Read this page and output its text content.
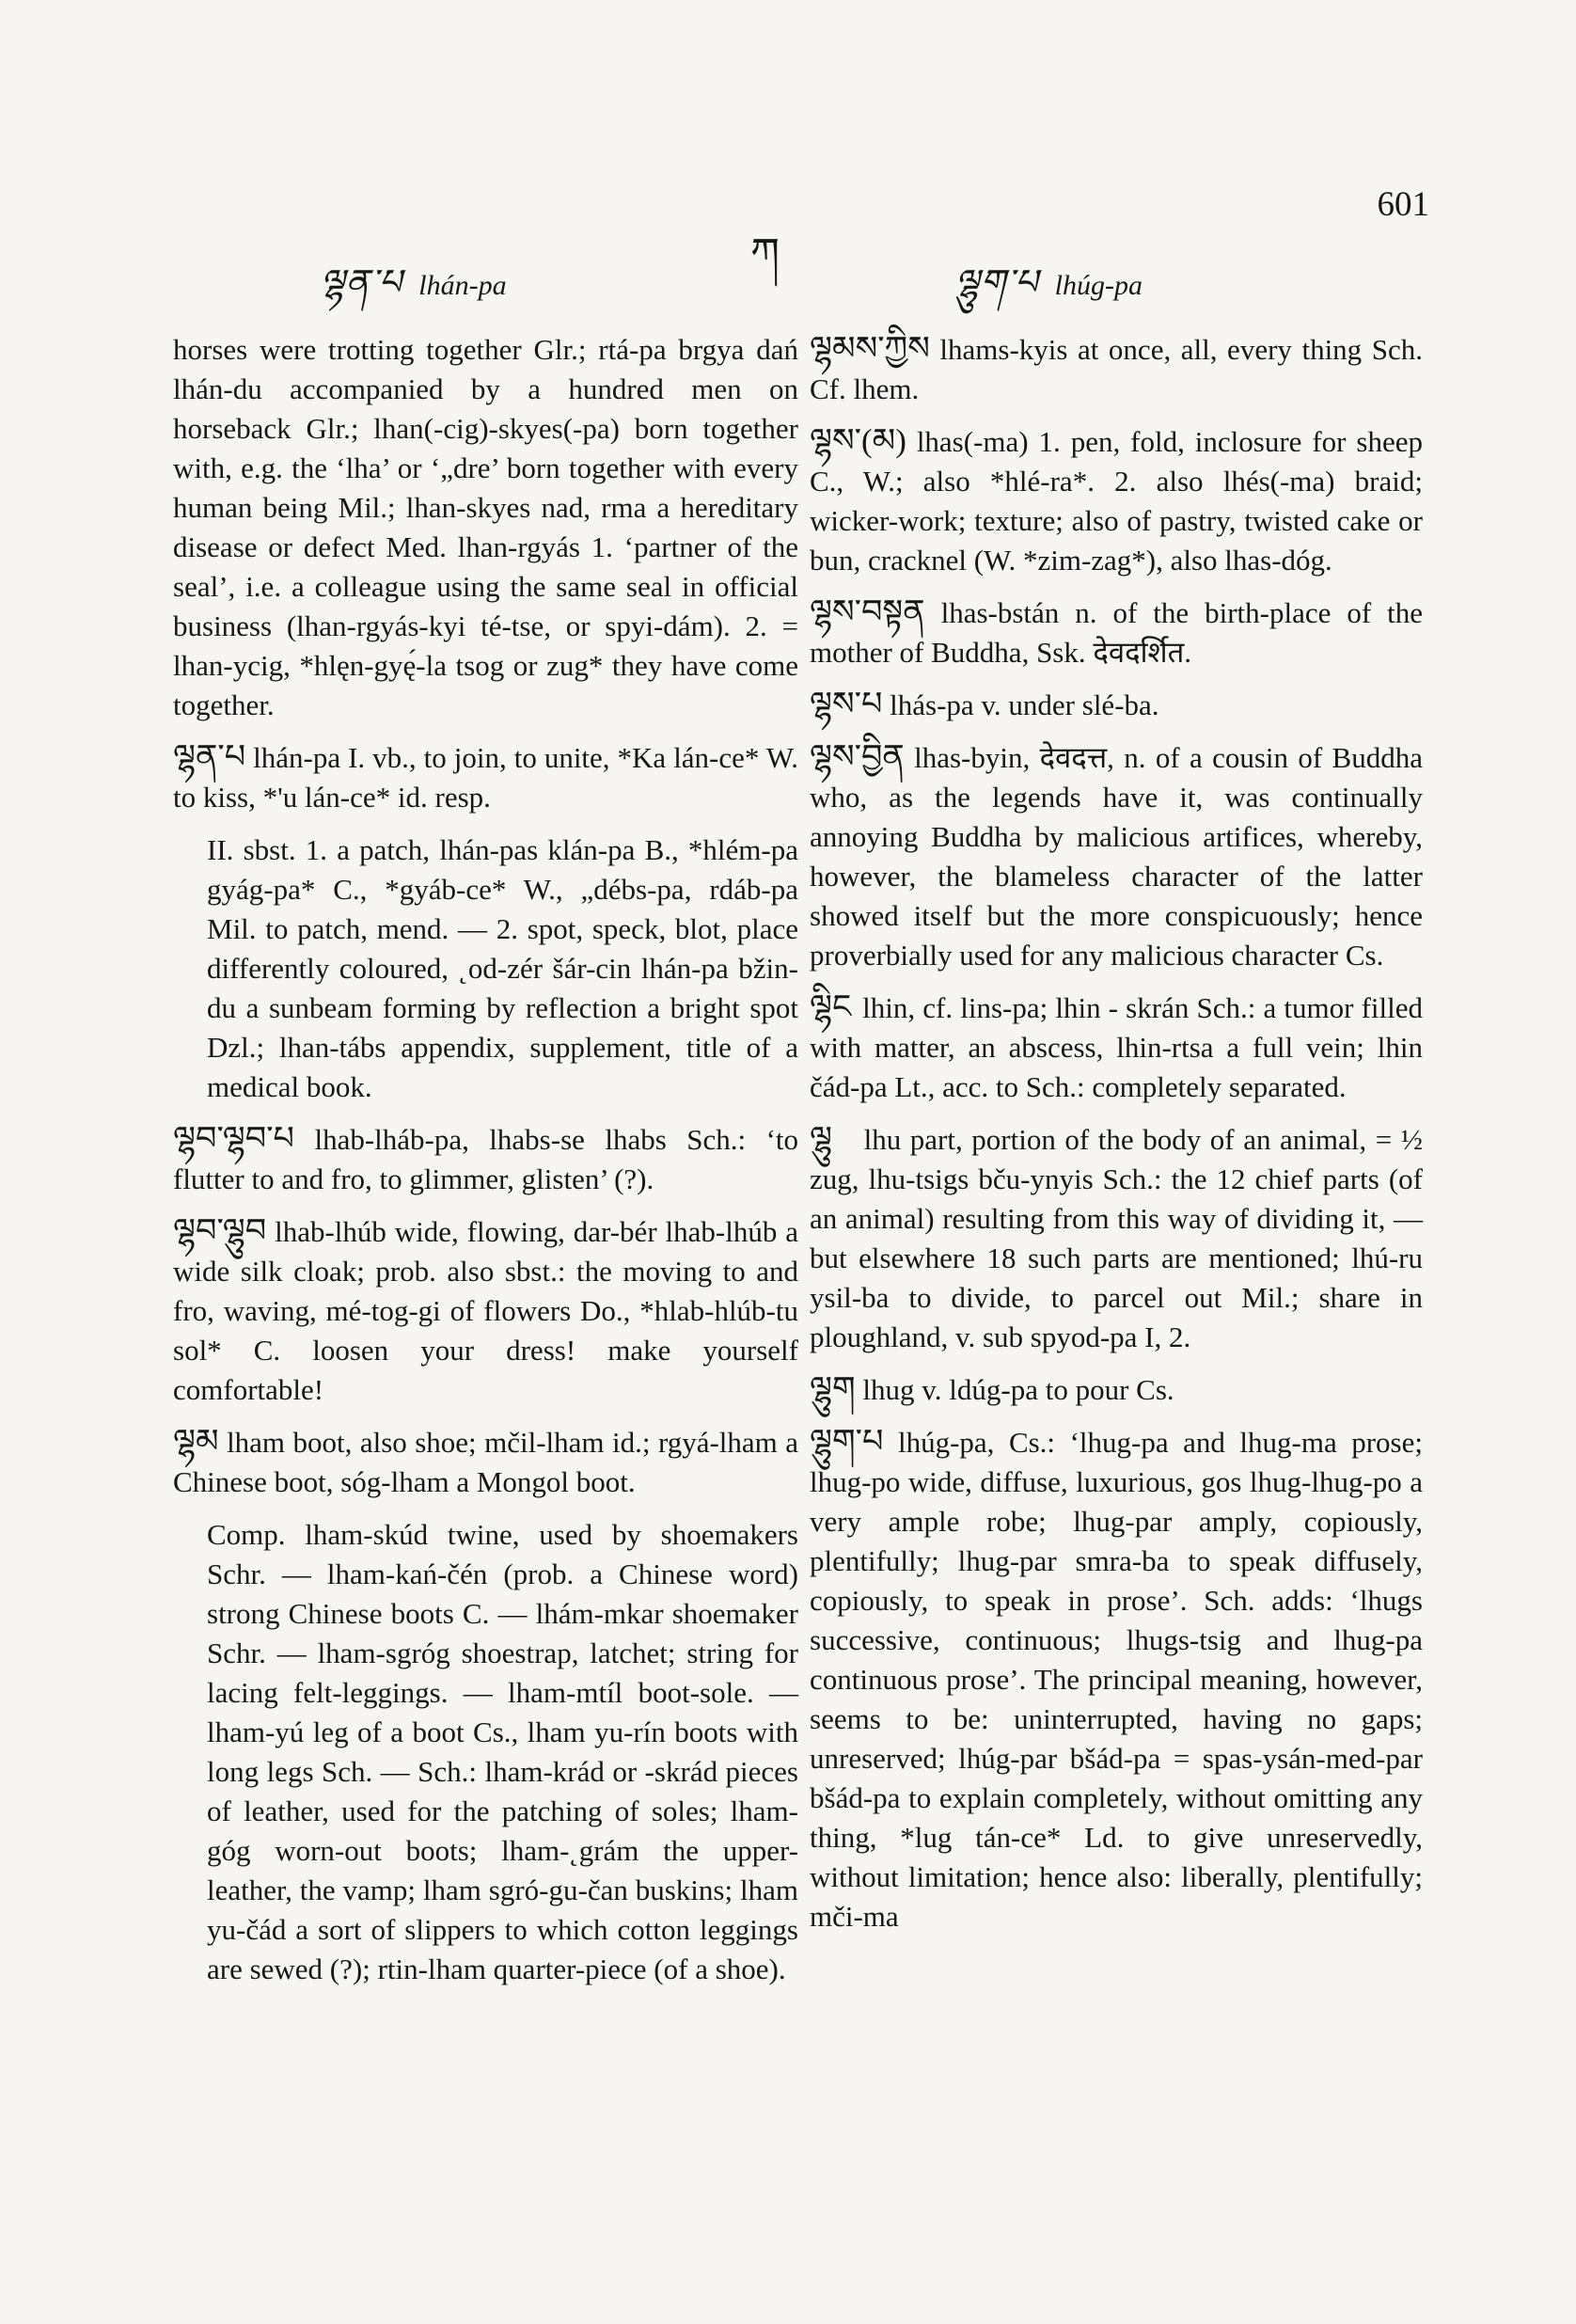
601
ལྷན་པ lhán-pa
ཀ
ལྷུག་པ lhúg-pa

horses were trotting together Glr.; rtá-pa brgya dań lhán-du accompanied by a hundred men on horseback Glr.; lhan(-cig)-skyes(-pa) born together with, e.g. the ‘lha’ or ‘„dre’ born together with every human being Mil.; lhan-skyes nad, rma a hereditary disease or defect Med. lhan-rgyás 1. ‘partner of the seal’, i.e. a colleague using the same seal in official business (lhan-rgyás-kyi té-tse, or spyi-dám). 2. = lhan-ycig, *hlęn-gyę́-la tsog or zug* they have come together.

ལྷན་པ lhán-pa I. vb., to join, to unite, *Ka lán-ce* W. to kiss, *'u lán-ce* id. resp.

II. sbst. 1. a patch, lhán-pas klán-pa B., *hlém-pa gyág-pa* C., *gyáb-ce* W., „débs-pa, rdáb-pa Mil. to patch, mend. — 2. spot, speck, blot, place differently coloured, ˛od-zér šár-cin lhán-pa bžin-du a sunbeam forming by reflection a bright spot Dzl.; lhan-tábs appendix, supplement, title of a medical book.

ལྷབ་ལྷབ་པ lhab-lháb-pa, lhabs-se lhabs Sch.: ‘to flutter to and fro, to glimmer, glisten’ (?).

ལྷབ་ལྷུབ lhab-lhúb wide, flowing, dar-bér lhab-lhúb a wide silk cloak; prob. also sbst.: the moving to and fro, waving, mé-tog-gi of flowers Do., *hlab-hlúb-tu sol* C. loosen your dress! make yourself comfortable!

ལྷམ lham boot, also shoe; mčil-lham id.; rgyá-lham a Chinese boot, sóg-lham a Mongol boot.

Comp. lham-skúd twine, used by shoemakers Schr. — lham-kań-čén (prob. a Chinese word) strong Chinese boots C. — lhám-mkar shoemaker Schr. — lham-sgróg shoestrap, latchet; string for lacing felt-leggings. — lham-mtíl boot-sole. — lham-yú leg of a boot Cs., lham yu-rín boots with long legs Sch. — Sch.: lham-krád or -skrád pieces of leather, used for the patching of soles; lham-góg worn-out boots; lham-˛grám the upper-leather, the vamp; lham sgró-gu-čan buskins; lham yu-čád a sort of slippers to which cotton leggings are sewed (?); rtin-lham quarter-piece (of a shoe).

ལྷམས་ཀྱིས lhams-kyis at once, all, every thing Sch. Cf. lhem.

ལྷས་(མ) lhas(-ma) 1. pen, fold, inclosure for sheep C., W.; also *hlé-ra*. 2. also lhés(-ma) braid; wicker-work; texture; also of pastry, twisted cake or bun, cracknel (W. *zim-zag*), also lhas-dóg.

ལྷས་བསྟན lhas-bstán n. of the birth-place of the mother of Buddha, Ssk. देवदर्शित.

ལྷས་པ lhás-pa v. under slé-ba.

ལྷས་བྱིན lhas-byin, देवदत्त, n. of a cousin of Buddha who, as the legends have it, was continually annoying Buddha by malicious artifices, whereby, however, the blameless character of the latter showed itself but the more conspicuously; hence proverbially used for any malicious character Cs.

ལྷིང lhin, cf. lins-pa; lhin - skrán Sch.: a tumor filled with matter, an abscess, lhin-rtsa a full vein; lhin čád-pa Lt., acc. to Sch.: completely separated.

ལྷུ lhu part, portion of the body of an animal, = ½ zug, lhu-tsigs bču-ynyis Sch.: the 12 chief parts (of an animal) resulting from this way of dividing it, — but elsewhere 18 such parts are mentioned; lhú-ru ysil-ba to divide, to parcel out Mil.; share in ploughland, v. sub spyod-pa I, 2.

ལྷུག lhug v. ldúg-pa to pour Cs.

ལྷུག་པ lhúg-pa, Cs.: ‘lhug-pa and lhug-ma prose; lhug-po wide, diffuse, luxurious, gos lhug-lhug-po a very ample robe; lhug-par amply, copiously, plentifully; lhug-par smra-ba to speak diffusely, copiously, to speak in prose’. Sch. adds: ‘lhugs successive, continuous; lhugs-tsig and lhug-pa continuous prose’. The principal meaning, however, seems to be: uninterrupted, having no gaps; unreserved; lhúg-par bšád-pa = spas-ysán-med-par bšád-pa to explain completely, without omitting any thing, *lug tán-ce* Ld. to give unreservedly, without limitation; hence also: liberally, plentifully; mči-ma
